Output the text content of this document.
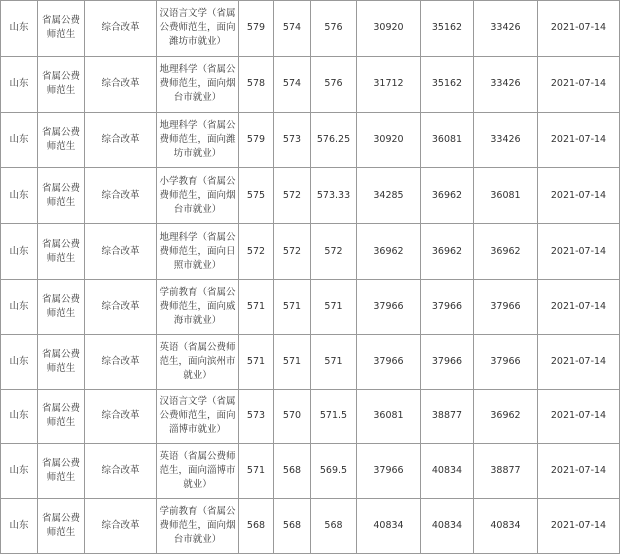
山东	省属公费师范生	综合改革	汉语言文学（省属公费师范生，面向潍坊市就业）	579	574	576	30920	35162	33426	2021-07-14
山东	省属公费师范生	综合改革	地理科学（省属公费师范生，面向烟台市就业）	578	574	576	31712	35162	33426	2021-07-14
山东	省属公费师范生	综合改革	地理科学（省属公费师范生，面向潍坊市就业）	579	573	576.25	30920	36081	33426	2021-07-14
山东	省属公费师范生	综合改革	小学教育（省属公费师范生，面向烟台市就业）	575	572	573.33	34285	36962	36081	2021-07-14
山东	省属公费师范生	综合改革	地理科学（省属公费师范生，面向日照市就业）	572	572	572	36962	36962	36962	2021-07-14
山东	省属公费师范生	综合改革	学前教育（省属公费师范生，面向威海市就业）	571	571	571	37966	37966	37966	2021-07-14
山东	省属公费师范生	综合改革	英语（省属公费师范生，面向滨州市就业）	571	571	571	37966	37966	37966	2021-07-14
山东	省属公费师范生	综合改革	汉语言文学（省属公费师范生，面向淄博市就业）	573	570	571.5	36081	38877	36962	2021-07-14
山东	省属公费师范生	综合改革	英语（省属公费师范生，面向淄博市就业）	571	568	569.5	37966	40834	38877	2021-07-14
山东	省属公费师范生	综合改革	学前教育（省属公费师范生，面向烟台市就业）	568	568	568	40834	40834	40834	2021-07-14
